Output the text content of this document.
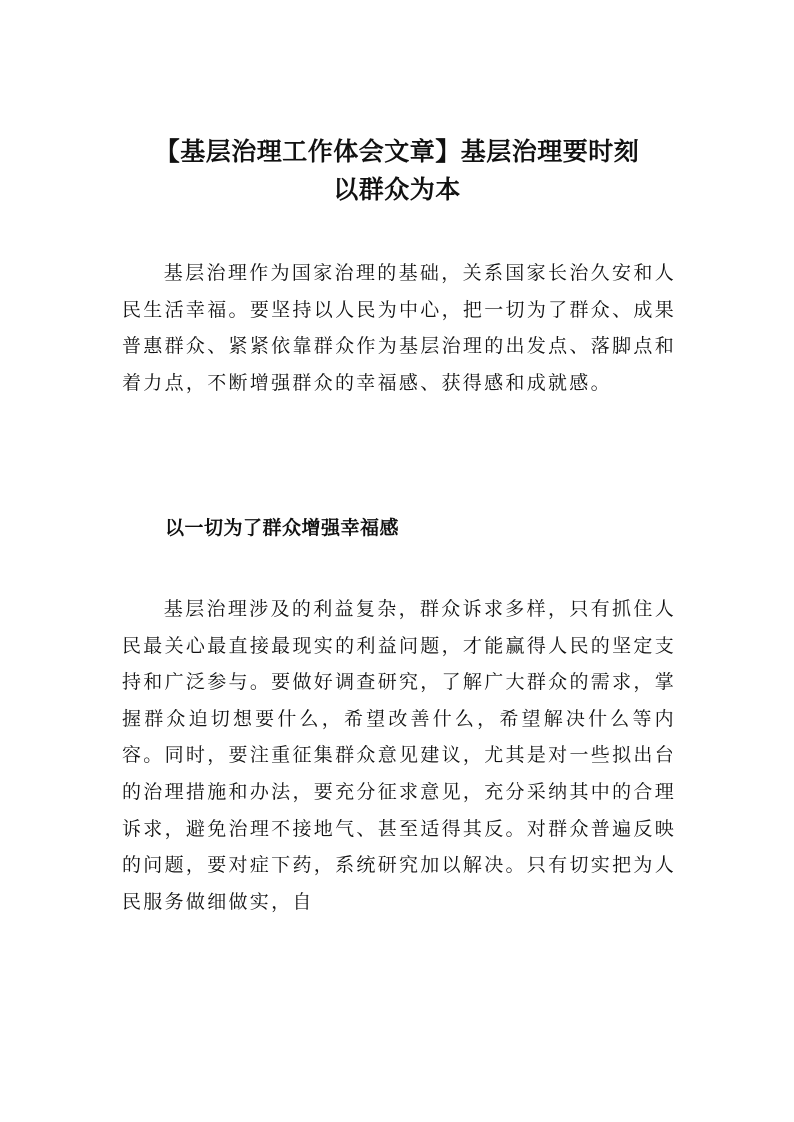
【基层治理工作体会文章】基层治理要时刻
以群众为本

基层治理作为国家治理的基础，关系国家长治久安和人民生活幸福。要坚持以人民为中心，把一切为了群众、成果普惠群众、紧紧依靠群众作为基层治理的出发点、落脚点和着力点，不断增强群众的幸福感、获得感和成就感。

以一切为了群众增强幸福感

基层治理涉及的利益复杂，群众诉求多样，只有抓住人民最关心最直接最现实的利益问题，才能赢得人民的坚定支持和广泛参与。要做好调查研究，了解广大群众的需求，掌握群众迫切想要什么，希望改善什么，希望解决什么等内容。同时，要注重征集群众意见建议，尤其是对一些拟出台的治理措施和办法，要充分征求意见，充分采纳其中的合理诉求，避免治理不接地气、甚至适得其反。对群众普遍反映的问题，要对症下药，系统研究加以解决。只有切实把为人民服务做细做实，自
